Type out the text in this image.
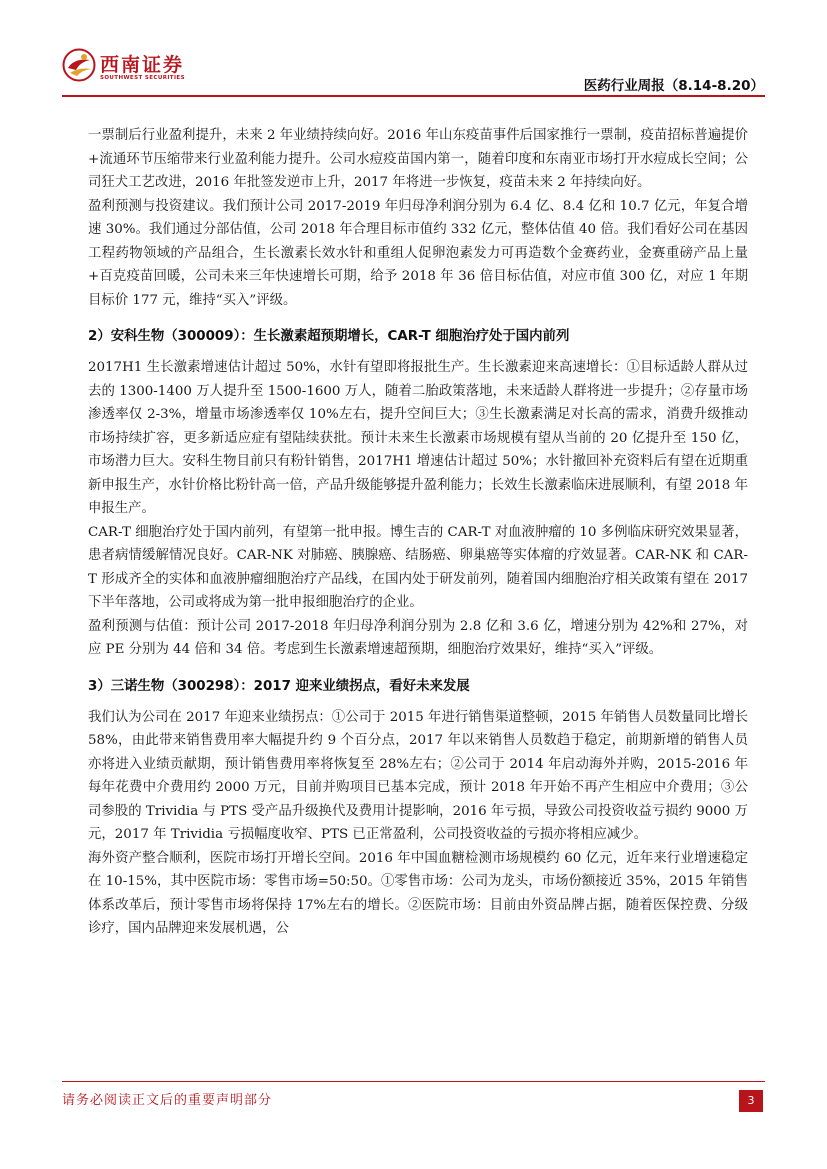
西南证券
SOUTHWEST SECURITIES	医药行业周报（8.14-8.20）

一票制后行业盈利提升，未来 2 年业绩持续向好。2016 年山东疫苗事件后国家推行一票制，疫苗招标普遍提价+流通环节压缩带来行业盈利能力提升。公司水痘疫苗国内第一，随着印度和东南亚市场打开水痘成长空间；公司狂犬工艺改进，2016 年批签发逆市上升，2017 年将进一步恢复，疫苗未来 2 年持续向好。

盈利预测与投资建议。我们预计公司 2017-2019 年归母净利润分别为 6.4 亿、8.4 亿和 10.7 亿元，年复合增速 30%。我们通过分部估值，公司 2018 年合理目标市值约 332 亿元，整体估值 40 倍。我们看好公司在基因工程药物领域的产品组合，生长激素长效水针和重组人促卵泡素发力可再造数个金赛药业，金赛重磅产品上量+百克疫苗回暖，公司未来三年快速增长可期，给予 2018 年 36 倍目标估值，对应市值 300 亿，对应 1 年期目标价 177 元，维持“买入”评级。

2）安科生物（300009）：生长激素超预期增长，CAR-T 细胞治疗处于国内前列

2017H1 生长激素增速估计超过 50%，水针有望即将报批生产。生长激素迎来高速增长：①目标适龄人群从过去的 1300-1400 万人提升至 1500-1600 万人，随着二胎政策落地，未来适龄人群将进一步提升；②存量市场渗透率仅 2-3%，增量市场渗透率仅 10%左右，提升空间巨大；③生长激素满足对长高的需求，消费升级推动市场持续扩容，更多新适应症有望陆续获批。预计未来生长激素市场规模有望从当前的 20 亿提升至 150 亿，市场潜力巨大。安科生物目前只有粉针销售，2017H1 增速估计超过 50%；水针撤回补充资料后有望在近期重新申报生产，水针价格比粉针高一倍，产品升级能够提升盈利能力；长效生长激素临床进展顺利，有望 2018 年申报生产。

CAR-T 细胞治疗处于国内前列，有望第一批申报。博生吉的 CAR-T 对血液肿瘤的 10 多例临床研究效果显著，患者病情缓解情况良好。CAR-NK 对肺癌、胰腺癌、结肠癌、卵巢癌等实体瘤的疗效显著。CAR-NK 和 CAR-T 形成齐全的实体和血液肿瘤细胞治疗产品线，在国内处于研发前列，随着国内细胞治疗相关政策有望在 2017 下半年落地，公司或将成为第一批申报细胞治疗的企业。

盈利预测与估值：预计公司 2017-2018 年归母净利润分别为 2.8 亿和 3.6 亿，增速分别为 42%和 27%，对应 PE 分别为 44 倍和 34 倍。考虑到生长激素增速超预期，细胞治疗效果好，维持“买入”评级。

3）三诺生物（300298）：2017 迎来业绩拐点，看好未来发展

我们认为公司在 2017 年迎来业绩拐点：①公司于 2015 年进行销售渠道整顿，2015 年销售人员数量同比增长 58%，由此带来销售费用率大幅提升约 9 个百分点，2017 年以来销售人员数趋于稳定，前期新增的销售人员亦将进入业绩贡献期，预计销售费用率将恢复至 28%左右；②公司于 2014 年启动海外并购，2015-2016 年每年花费中介费用约 2000 万元，目前并购项目已基本完成，预计 2018 年开始不再产生相应中介费用；③公司参股的 Trividia 与 PTS 受产品升级换代及费用计提影响，2016 年亏损，导致公司投资收益亏损约 9000 万元，2017 年 Trividia 亏损幅度收窄、PTS 已正常盈利，公司投资收益的亏损亦将相应减少。

海外资产整合顺利，医院市场打开增长空间。2016 年中国血糖检测市场规模约 60 亿元，近年来行业增速稳定在 10-15%，其中医院市场：零售市场=50:50。①零售市场：公司为龙头，市场份额接近 35%，2015 年销售体系改革后，预计零售市场将保持 17%左右的增长。②医院市场：目前由外资品牌占据，随着医保控费、分级诊疗，国内品牌迎来发展机遇，公

请务必阅读正文后的重要声明部分	3
